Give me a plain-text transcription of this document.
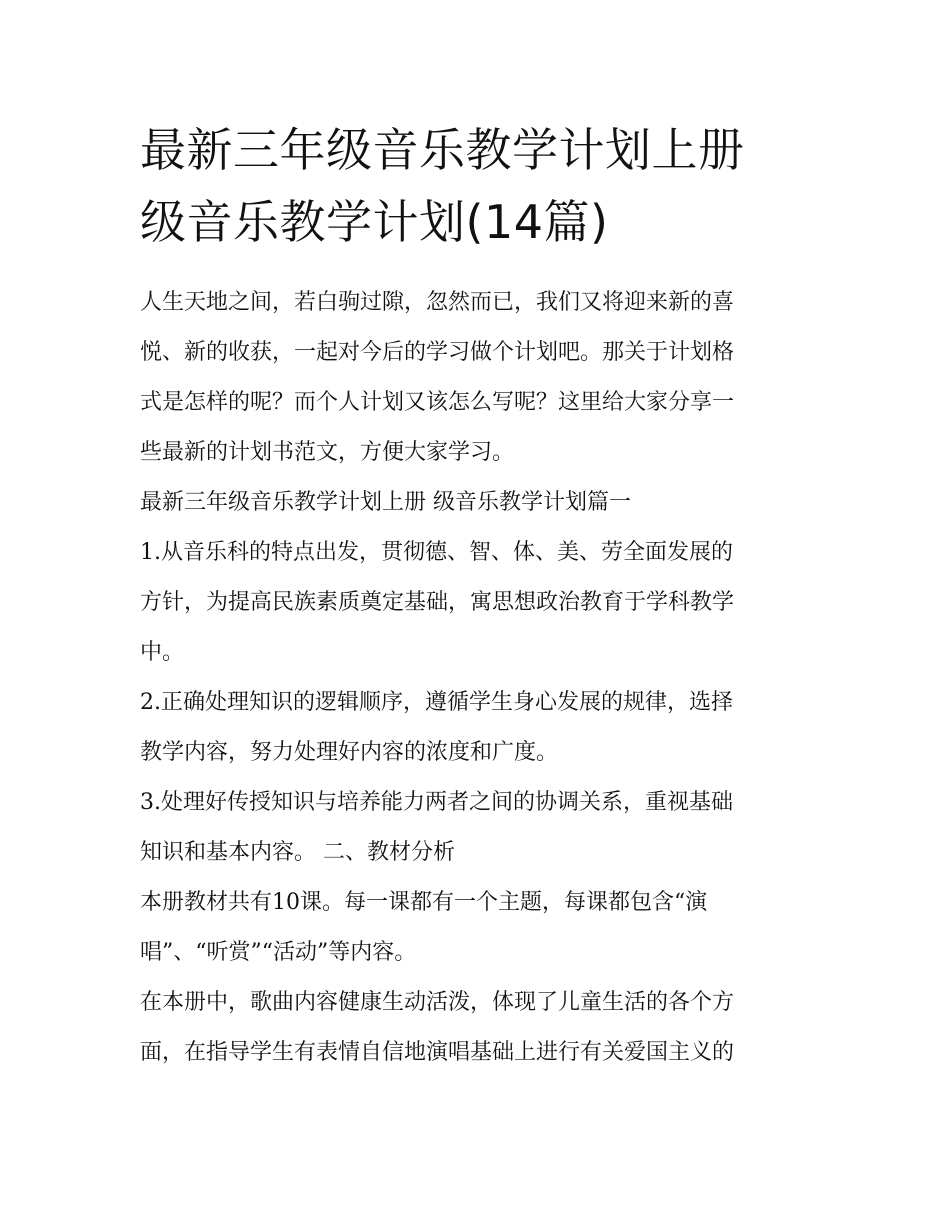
最新三年级音乐教学计划上册
级音乐教学计划(14篇)
人生天地之间，若白驹过隙，忽然而已，我们又将迎来新的喜
悦、新的收获，一起对今后的学习做个计划吧。那关于计划格
式是怎样的呢？而个人计划又该怎么写呢？这里给大家分享一
些最新的计划书范文，方便大家学习。
最新三年级音乐教学计划上册 级音乐教学计划篇一
1.从音乐科的特点出发，贯彻德、智、体、美、劳全面发展的
方针，为提高民族素质奠定基础，寓思想政治教育于学科教学
中。
2.正确处理知识的逻辑顺序，遵循学生身心发展的规律，选择
教学内容，努力处理好内容的浓度和广度。
3.处理好传授知识与培养能力两者之间的协调关系，重视基础
知识和基本内容。 二、教材分析
本册教材共有10课。每一课都有一个主题，每课都包含“演
唱”、“听赏”“活动”等内容。
在本册中，歌曲内容健康生动活泼，体现了儿童生活的各个方
面，在指导学生有表情自信地演唱基础上进行有关爱国主义的
